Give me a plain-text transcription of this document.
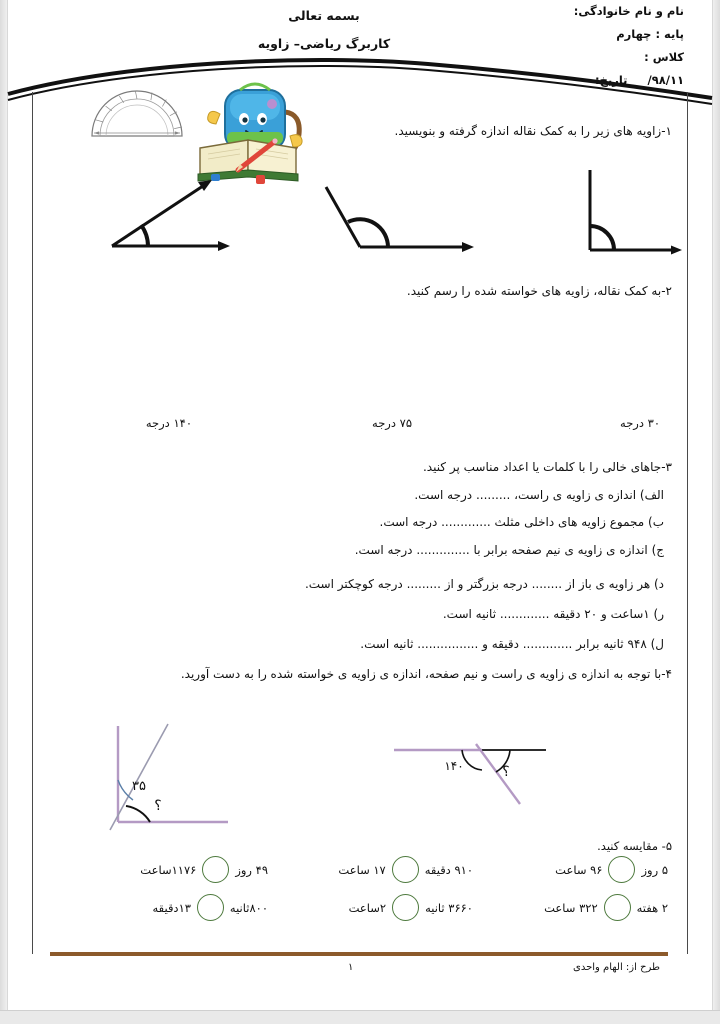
نام و نام خانوادگی:
پایه : چهارم
کلاس :
۹۸/۱۱/     تاریخ:
بسمه تعالی
کاربرگ ریاضی– زاویه
۱-زاویه های زیر را به کمک نقاله اندازه گرفته و بنویسید.
۲-به کمک نقاله، زاویه های خواسته شده را رسم کنید.
۳۰ درجه
۷۵ درجه
۱۴۰ درجه
۳-جاهای خالی را با کلمات یا اعداد مناسب پر کنید.
الف) اندازه ی زاویه ی راست، ......... درجه است.
ب) مجموع زاویه های داخلی مثلث ............. درجه است.
ج) اندازه ی زاویه ی نیم صفحه برابر با .............. درجه است.
د) هر زاویه ی باز از ........ درجه بزرگتر و از ......... درجه کوچکتر است.
ر) ۱ساعت و ۲۰ دقیقه ............. ثانیه است.
ل) ۹۴۸ ثانیه برابر ............. دقیقه و ................ ثانیه است.
۴-با توجه به اندازه ی زاویه ی راست و نیم صفحه، اندازه ی زاویه ی خواسته شده را به دست آورید.
۳۵
؟
۱۴۰	؟
۵- مقایسه کنید.
۵ روز
۹۶ ساعت
۹۱۰ دقیقه
۱۷ ساعت
۴۹ روز
۱۱۷۶ساعت
۲ هفته
۳۲۲ ساعت
۳۶۶۰ ثانیه
۲ساعت
۸۰۰ثانیه
۱۳دقیقه
طرح از: الهام واحدی
۱
